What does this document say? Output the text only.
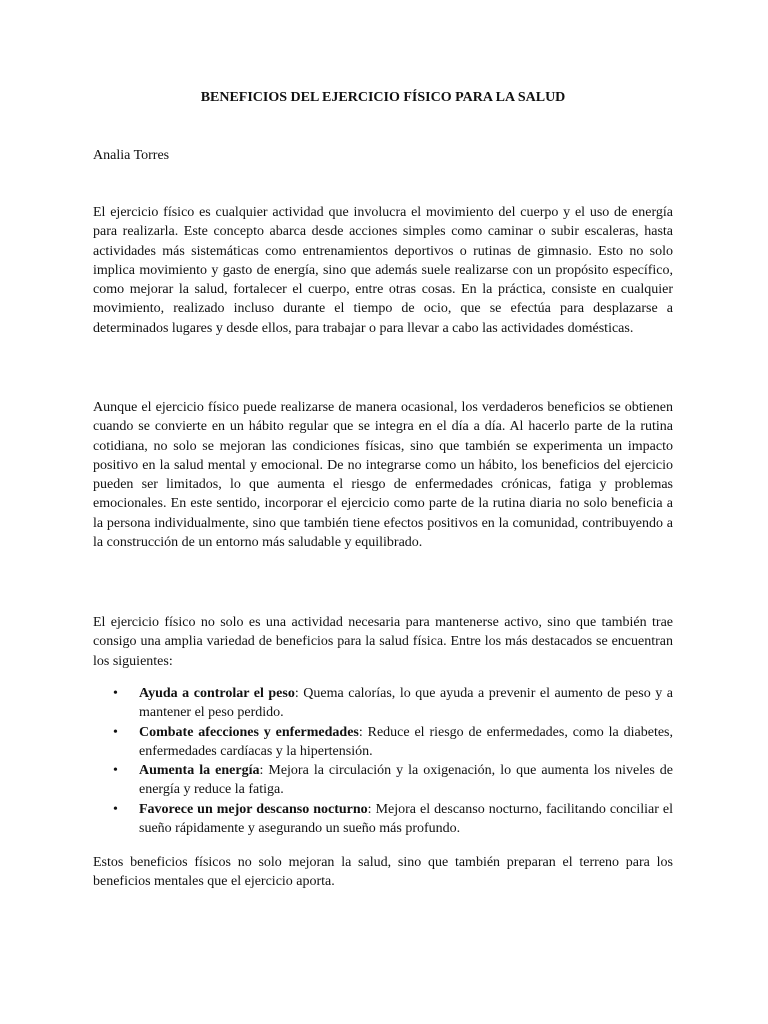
BENEFICIOS DEL EJERCICIO FÍSICO PARA LA SALUD
Analia Torres

El ejercicio físico es cualquier actividad que involucra el movimiento del cuerpo y el uso de energía para realizarla. Este concepto abarca desde acciones simples como caminar o subir escaleras, hasta actividades más sistemáticas como entrenamientos deportivos o rutinas de gimnasio. Esto no solo implica movimiento y gasto de energía, sino que además suele realizarse con un propósito específico, como mejorar la salud, fortalecer el cuerpo, entre otras cosas. En la práctica, consiste en cualquier movimiento, realizado incluso durante el tiempo de ocio, que se efectúa para desplazarse a determinados lugares y desde ellos, para trabajar o para llevar a cabo las actividades domésticas.

Aunque el ejercicio físico puede realizarse de manera ocasional, los verdaderos beneficios se obtienen cuando se convierte en un hábito regular que se integra en el día a día. Al hacerlo parte de la rutina cotidiana, no solo se mejoran las condiciones físicas, sino que también se experimenta un impacto positivo en la salud mental y emocional. De no integrarse como un hábito, los beneficios del ejercicio pueden ser limitados, lo que aumenta el riesgo de enfermedades crónicas, fatiga y problemas emocionales. En este sentido, incorporar el ejercicio como parte de la rutina diaria no solo beneficia a la persona individualmente, sino que también tiene efectos positivos en la comunidad, contribuyendo a la construcción de un entorno más saludable y equilibrado.

El ejercicio físico no solo es una actividad necesaria para mantenerse activo, sino que también trae consigo una amplia variedad de beneficios para la salud física. Entre los más destacados se encuentran los siguientes:

• Ayuda a controlar el peso: Quema calorías, lo que ayuda a prevenir el aumento de peso y a mantener el peso perdido.
• Combate afecciones y enfermedades: Reduce el riesgo de enfermedades, como la diabetes, enfermedades cardíacas y la hipertensión.
• Aumenta la energía: Mejora la circulación y la oxigenación, lo que aumenta los niveles de energía y reduce la fatiga.
• Favorece un mejor descanso nocturno: Mejora el descanso nocturno, facilitando conciliar el sueño rápidamente y asegurando un sueño más profundo.

Estos beneficios físicos no solo mejoran la salud, sino que también preparan el terreno para los beneficios mentales que el ejercicio aporta.
